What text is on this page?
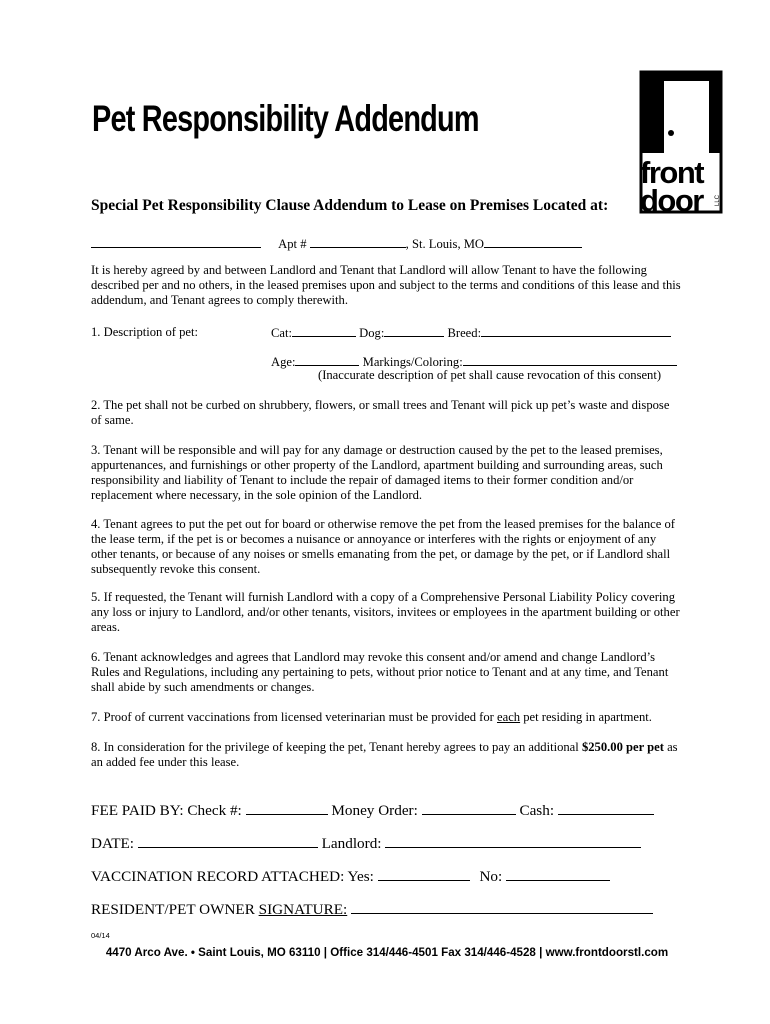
Pet Responsibility Addendum
front
door LLC
Special Pet Responsibility Clause Addendum to Lease on Premises Located at:
Apt #	, St. Louis, MO
It is hereby agreed by and between Landlord and Tenant that Landlord will allow Tenant to have the following described per and no others, in the leased premises upon and subject to the terms and conditions of this lease and this addendum, and Tenant agrees to comply therewith.
1. Description of pet:	Cat:	Dog:	Breed:
Age:	Markings/Coloring:
(Inaccurate description of pet shall cause revocation of this consent)
2. The pet shall not be curbed on shrubbery, flowers, or small trees and Tenant will pick up pet’s waste and dispose of same.
3. Tenant will be responsible and will pay for any damage or destruction caused by the pet to the leased premises, appurtenances, and furnishings or other property of the Landlord, apartment building and surrounding areas, such responsibility and liability of Tenant to include the repair of damaged items to their former condition and/or replacement where necessary, in the sole opinion of the Landlord.
4. Tenant agrees to put the pet out for board or otherwise remove the pet from the leased premises for the balance of the lease term, if the pet is or becomes a nuisance or annoyance or interferes with the rights or enjoyment of any other tenants, or because of any noises or smells emanating from the pet, or damage by the pet, or if Landlord shall subsequently revoke this consent.
5. If requested, the Tenant will furnish Landlord with a copy of a Comprehensive Personal Liability Policy covering any loss or injury to Landlord, and/or other tenants, visitors, invitees or employees in the apartment building or other areas.
6. Tenant acknowledges and agrees that Landlord may revoke this consent and/or amend and change Landlord’s Rules and Regulations, including any pertaining to pets, without prior notice to Tenant and at any time, and Tenant shall abide by such amendments or changes.
7. Proof of current vaccinations from licensed veterinarian must be provided for each pet residing in apartment.
8. In consideration for the privilege of keeping the pet, Tenant hereby agrees to pay an additional $250.00 per pet as an added fee under this lease.
FEE PAID BY: Check #:	Money Order:	Cash:
DATE:	Landlord:
VACCINATION RECORD ATTACHED: Yes:	No:
RESIDENT/PET OWNER SIGNATURE:
04/14
4470 Arco Ave. • Saint Louis, MO 63110 | Office 314/446-4501 Fax 314/446-4528 | www.frontdoorstl.com
